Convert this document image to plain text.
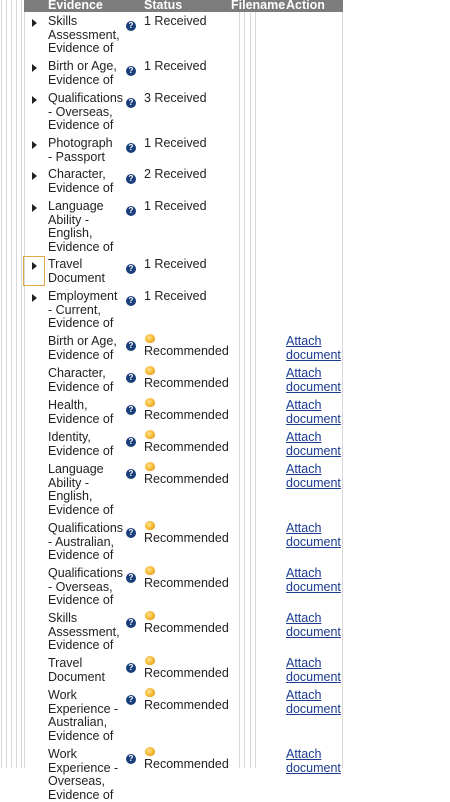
Evidence	Status	Filename Action
Skills Assessment, Evidence of
? 1 Received
Birth or Age, Evidence of
? 1 Received
Qualifications - Overseas, Evidence of
? 3 Received
Photograph - Passport
? 1 Received
Character, Evidence of
? 2 Received
Language Ability - English, Evidence of
? 1 Received
Travel Document
? 1 Received
Employment - Current, Evidence of
? 1 Received
Birth or Age, Evidence of
? Recommended
Attach
document
Character, Evidence of
? Recommended
Attach
document
Health, Evidence of
? Recommended
Attach
document
Identity, Evidence of
? Recommended
Attach
document
Language Ability - English, Evidence of
? Recommended
Attach
document
Qualifications - Australian, Evidence of
? Recommended
Attach
document
Qualifications - Overseas, Evidence of
? Recommended
Attach
document
Skills Assessment, Evidence of
? Recommended
Attach
document
Travel Document
? Recommended
Attach
document
Work Experience - Australian, Evidence of
? Recommended
Attach
document
Work Experience - Overseas, Evidence of
? Recommended
Attach
document
